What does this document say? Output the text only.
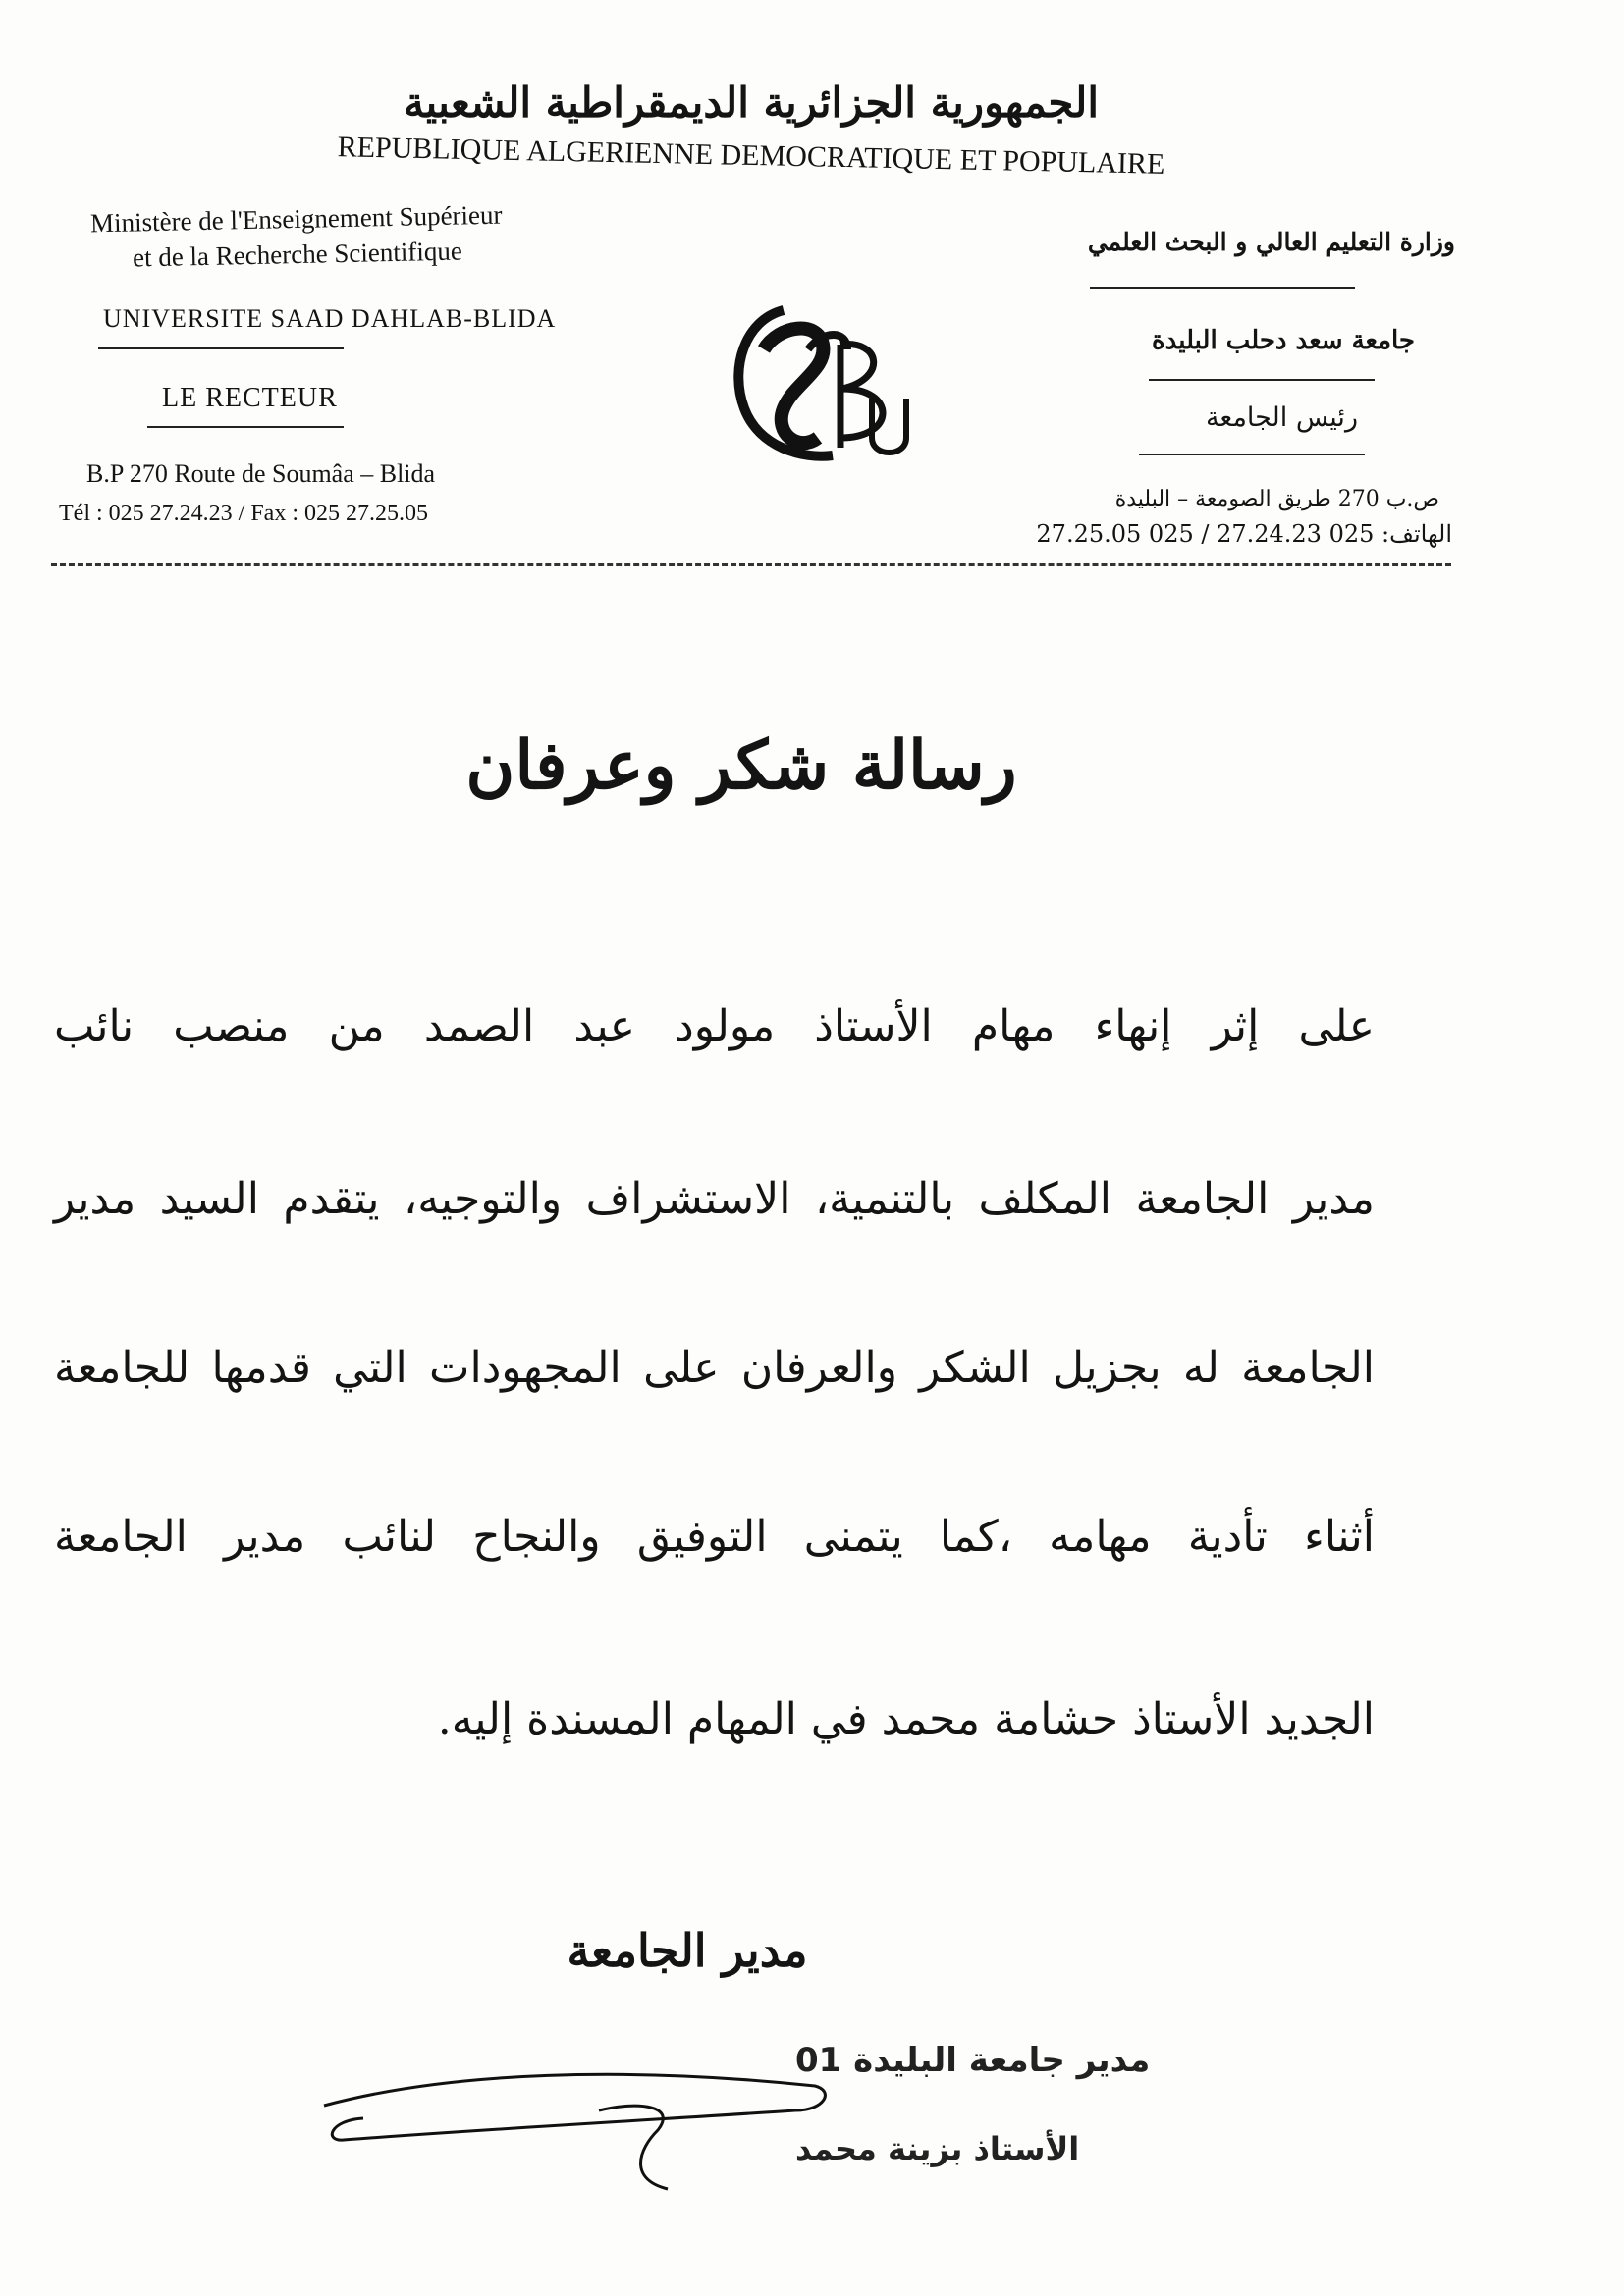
الجمهورية الجزائرية الديمقراطية الشعبية
REPUBLIQUE ALGERIENNE DEMOCRATIQUE ET POPULAIRE
Ministère de l'Enseignement Supérieur
et de la Recherche Scientifique	وزارة التعليم العالي و البحث العلمي
UNIVERSITE SAAD DAHLAB-BLIDA
جامعة سعد دحلب البليدة
LE RECTEUR
رئيس الجامعة
B.P 270 Route de Soumâa – Blida
Tél : 025 27.24.23 / Fax : 025 27.25.05
ص.ب 270 طريق الصومعة – البليدة
الهاتف: 025 27.24.23 / 025 27.25.05
رسالة شكر وعرفان
على إثر إنهاء مهام الأستاذ مولود عبد الصمد من منصب نائب
مدير الجامعة المكلف بالتنمية، الاستشراف والتوجيه، يتقدم السيد مدير
الجامعة له بجزيل الشكر والعرفان على المجهودات التي قدمها للجامعة
أثناء تأدية مهامه ،كما يتمنى التوفيق والنجاح لنائب مدير الجامعة
الجديد الأستاذ حشامة محمد في المهام المسندة إليه.
مدير الجامعة
مدير جامعة البليدة 01
الأستاذ بزينة محمد
